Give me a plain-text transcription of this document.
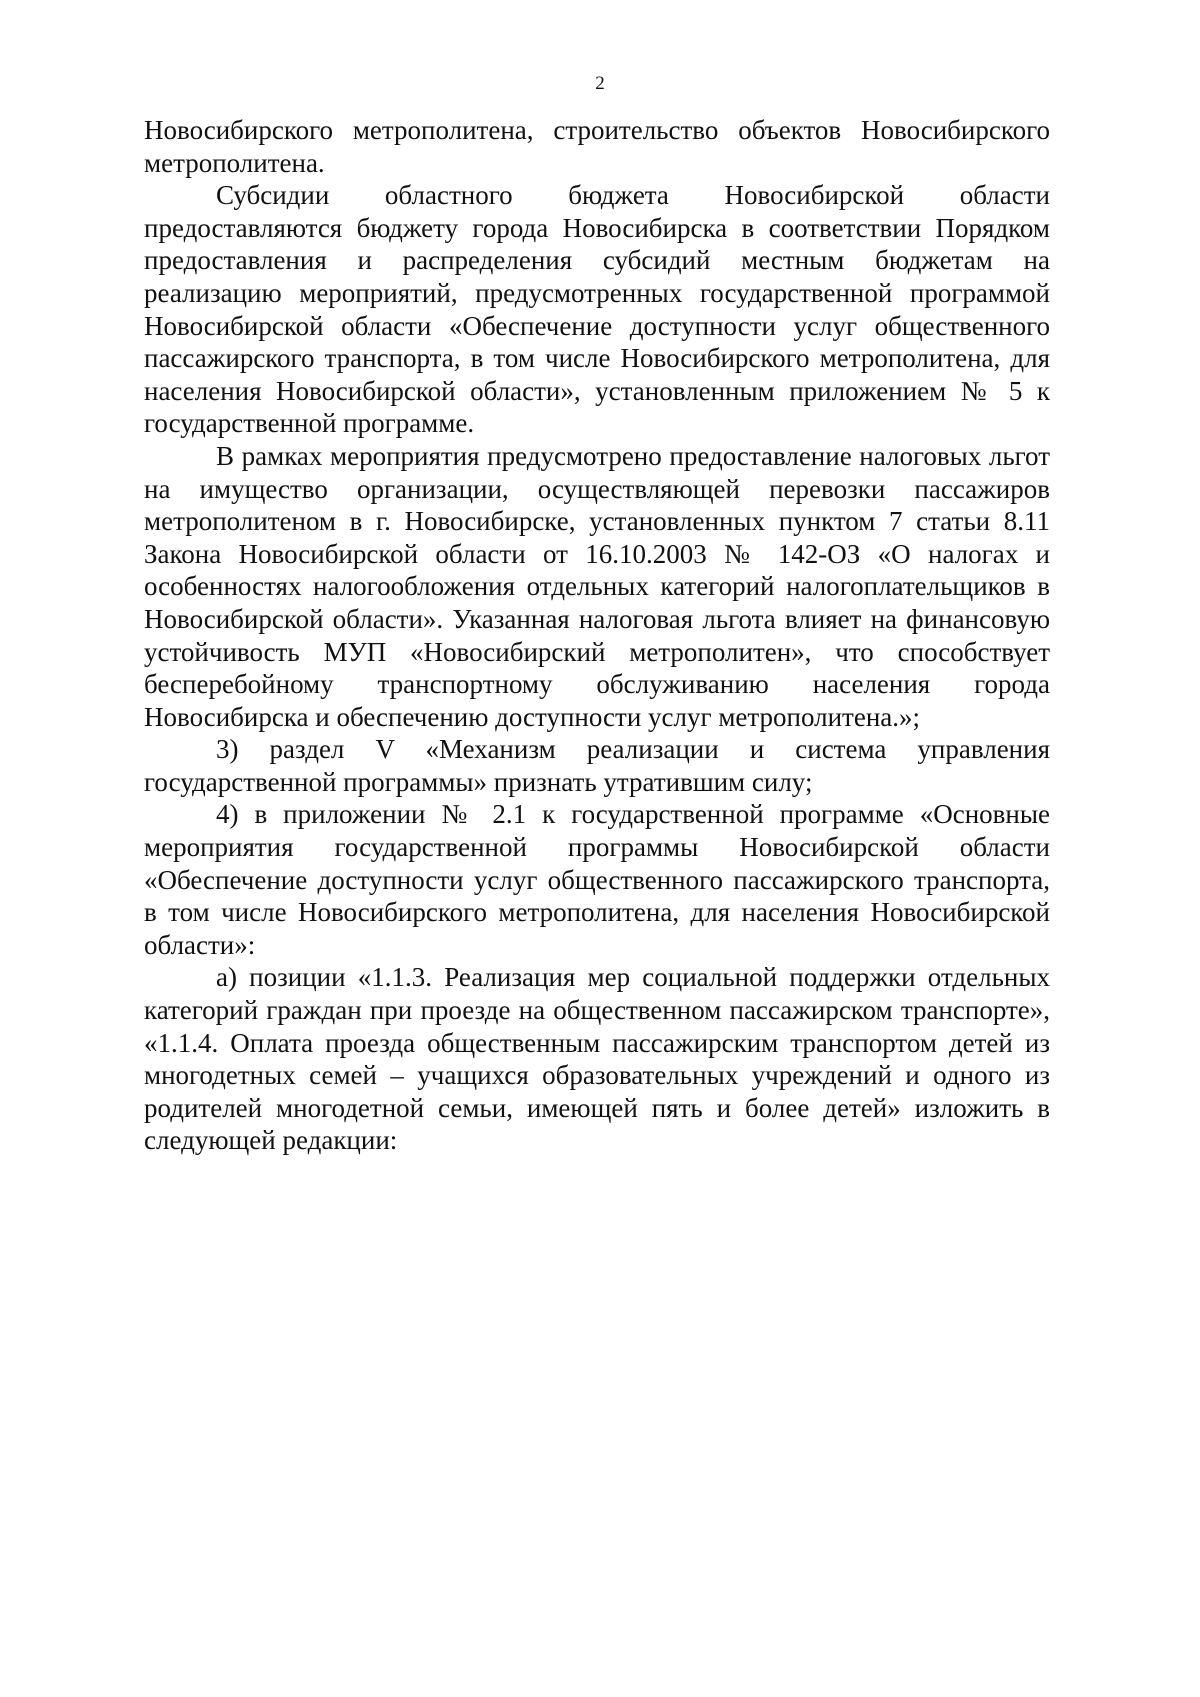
2

Новосибирского метрополитена, строительство объектов Новосибирского метрополитена.

Субсидии областного бюджета Новосибирской области предоставляются бюджету города Новосибирска в соответствии Порядком предоставления и распределения субсидий местным бюджетам на реализацию мероприятий, предусмотренных государственной программой Новосибирской области «Обеспечение доступности услуг общественного пассажирского транспорта, в том числе Новосибирского метрополитена, для населения Новосибирской области», установленным приложением № 5 к государственной программе.

В рамках мероприятия предусмотрено предоставление налоговых льгот на имущество организации, осуществляющей перевозки пассажиров метрополитеном в г. Новосибирске, установленных пунктом 7 статьи 8.11 Закона Новосибирской области от 16.10.2003 № 142-ОЗ «О налогах и особенностях налогообложения отдельных категорий налогоплательщиков в Новосибирской области». Указанная налоговая льгота влияет на финансовую устойчивость МУП «Новосибирский метрополитен», что способствует бесперебойному транспортному обслуживанию населения города Новосибирска и обеспечению доступности услуг метрополитена.»;

3) раздел V «Механизм реализации и система управления государственной программы» признать утратившим силу;

4) в приложении № 2.1 к государственной программе «Основные мероприятия государственной программы Новосибирской области «Обеспечение доступности услуг общественного пассажирского транспорта, в том числе Новосибирского метрополитена, для населения Новосибирской области»:

а) позиции «1.1.3. Реализация мер социальной поддержки отдельных категорий граждан при проезде на общественном пассажирском транспорте», «1.1.4. Оплата проезда общественным пассажирским транспортом детей из многодетных семей – учащихся образовательных учреждений и одного из родителей многодетной семьи, имеющей пять и более детей» изложить в следующей редакции:
